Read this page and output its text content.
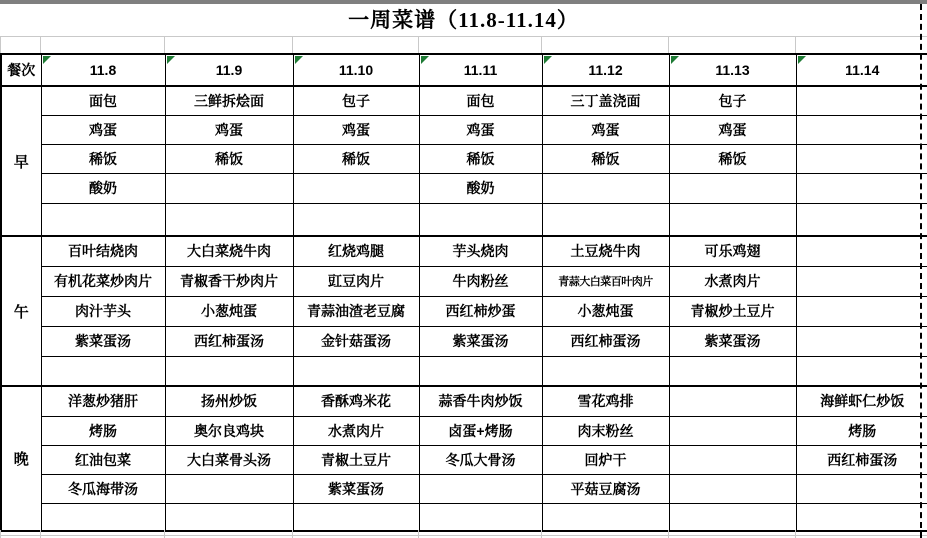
一周菜谱（11.8-11.14）
餐次	11.8	11.9	11.10	11.11	11.12	11.13	11.14
早	面包	三鲜拆烩面	包子	面包	三丁盖浇面	包子	
	鸡蛋	鸡蛋	鸡蛋	鸡蛋	鸡蛋	鸡蛋	
	稀饭	稀饭	稀饭	稀饭	稀饭	稀饭	
	酸奶			酸奶			

午	百叶结烧肉	大白菜烧牛肉	红烧鸡腿	芋头烧肉	土豆烧牛肉	可乐鸡翅	
	有机花菜炒肉片	青椒香干炒肉片	豇豆肉片	牛肉粉丝	青蒜大白菜百叶肉片	水煮肉片	
	肉汁芋头	小葱炖蛋	青蒜油渣老豆腐	西红柿炒蛋	小葱炖蛋	青椒炒土豆片	
	紫菜蛋汤	西红柿蛋汤	金针菇蛋汤	紫菜蛋汤	西红柿蛋汤	紫菜蛋汤	

晚	洋葱炒猪肝	扬州炒饭	香酥鸡米花	蒜香牛肉炒饭	雪花鸡排		海鲜虾仁炒饭
	烤肠	奥尔良鸡块	水煮肉片	卤蛋+烤肠	肉末粉丝		烤肠
	红油包菜	大白菜骨头汤	青椒土豆片	冬瓜大骨汤	回炉干		西红柿蛋汤
	冬瓜海带汤		紫菜蛋汤		平菇豆腐汤		
